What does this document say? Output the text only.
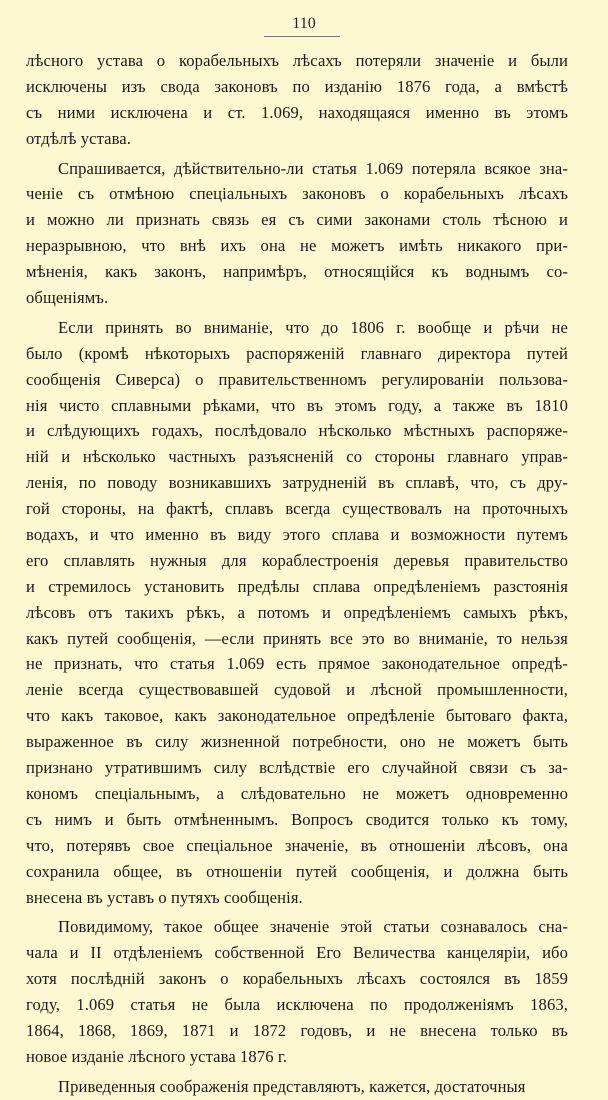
110
лѣсного устава о корабельныхъ лѣсахъ потеряли значеніе и были
исключены изъ свода законовъ по изданію 1876 года, а вмѣстѣ
съ ними исключена и ст. 1.069, находящаяся именно въ этомъ
отдѣлѣ устава.
Спрашивается, дѣйствительно-ли статья 1.069 потеряла всякое зна-
ченіе съ отмѣною спеціальныхъ законовъ о корабельныхъ лѣсахъ
и можно ли признать связь ея съ сими законами столь тѣсною и
неразрывною, что внѣ ихъ она не можетъ имѣть никакого при-
мѣненія, какъ законъ, напримѣръ, относящійся къ воднымъ со-
общеніямъ.
Если принять во вниманіе, что до 1806 г. вообще и рѣчи не
было (кромѣ нѣкоторыхъ распоряженій главнаго директора путей
сообщенія Сиверса) о правительственномъ регулированіи пользова-
нія чисто сплавными рѣками, что въ этомъ году, а также въ 1810
и слѣдующихъ годахъ, послѣдовало нѣсколько мѣстныхъ распоряже-
ній и нѣсколько частныхъ разъясненій со стороны главнаго управ-
ленія, по поводу возникавшихъ затрудненій въ сплавѣ, что, съ дру-
гой стороны, на фактѣ, сплавъ всегда существовалъ на проточныхъ
водахъ, и что именно въ виду этого сплава и возможности путемъ
его сплавлять нужныя для кораблестроенія деревья правительство
и стремилось установить предѣлы сплава опредѣленіемъ разстоянія
лѣсовъ отъ такихъ рѣкъ, а потомъ и опредѣленіемъ самыхъ рѣкъ,
какъ путей сообщенія, —если принять все это во вниманіе, то нельзя
не признать, что статья 1.069 есть прямое законодательное опредѣ-
леніе всегда существовавшей судовой и лѣсной промышленности,
что какъ таковое, какъ законодательное опредѣленіе бытоваго факта,
выраженное въ силу жизненной потребности, оно не можетъ быть
признано утратившимъ силу вслѣдствіе его случайной связи съ за-
кономъ спеціальнымъ, а слѣдовательно не можетъ одновременно
съ нимъ и быть отмѣненнымъ. Вопросъ сводится только къ тому,
что, потерявъ свое спеціальное значеніе, въ отношеніи лѣсовъ, она
сохранила общее, въ отношеніи путей сообщенія, и должна быть
внесена въ уставъ о путяхъ сообщенія.
Повидимому, такое общее значеніе этой статьи сознавалось сна-
чала и II отдѣленіемъ собственной Его Величества канцеляріи, ибо
хотя послѣдній законъ о корабельныхъ лѣсахъ состоялся въ 1859
году, 1.069 статья не была исключена по продолженіямъ 1863,
1864, 1868, 1869, 1871 и 1872 годовъ, и не внесена только въ
новое изданіе лѣсного устава 1876 г.
Приведенныя соображенія представляютъ, кажется, достаточныя
